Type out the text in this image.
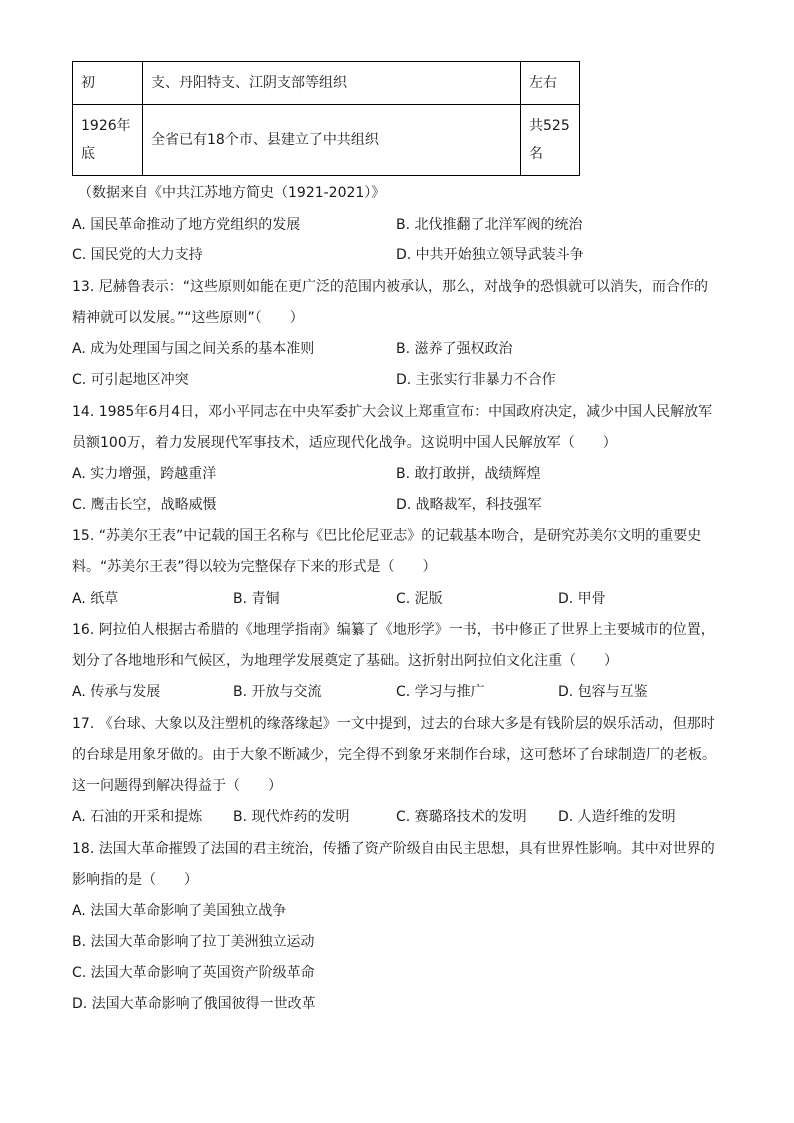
初	支、丹阳特支、江阴支部等组织	左右
1926年底	全省已有18个市、县建立了中共组织	共525名
（数据来自《中共江苏地方简史（1921-2021）》
A. 国民革命推动了地方党组织的发展	B. 北伐推翻了北洋军阀的统治
C. 国民党的大力支持	D. 中共开始独立领导武装斗争
13. 尼赫鲁表示：“这些原则如能在更广泛的范围内被承认，那么，对战争的恐惧就可以消失，而合作的
精神就可以发展。”“这些原则”（　　）
A. 成为处理国与国之间关系的基本准则	B. 滋养了强权政治
C. 可引起地区冲突	D. 主张实行非暴力不合作
14. 1985年6月4日，邓小平同志在中央军委扩大会议上郑重宣布：中国政府决定，减少中国人民解放军
员额100万，着力发展现代军事技术，适应现代化战争。这说明中国人民解放军（　　）
A. 实力增强，跨越重洋	B. 敢打敢拼，战绩辉煌
C. 鹰击长空，战略威慑	D. 战略裁军，科技强军
15. “苏美尔王表”中记载的国王名称与《巴比伦尼亚志》的记载基本吻合，是研究苏美尔文明的重要史
料。“苏美尔王表”得以较为完整保存下来的形式是（　　）
A. 纸草	B. 青铜	C. 泥版	D. 甲骨
16. 阿拉伯人根据古希腊的《地理学指南》编纂了《地形学》一书，书中修正了世界上主要城市的位置，
划分了各地地形和气候区，为地理学发展奠定了基础。这折射出阿拉伯文化注重（　　）
A. 传承与发展	B. 开放与交流	C. 学习与推广	D. 包容与互鉴
17. 《台球、大象以及注塑机的缘落缘起》一文中提到，过去的台球大多是有钱阶层的娱乐活动，但那时
的台球是用象牙做的。由于大象不断减少，完全得不到象牙来制作台球，这可愁坏了台球制造厂的老板。
这一问题得到解决得益于（　　）
A. 石油的开采和提炼 B. 现代炸药的发明	C. 赛璐珞技术的发明 D. 人造纤维的发明
18. 法国大革命摧毁了法国的君主统治，传播了资产阶级自由民主思想，具有世界性影响。其中对世界的
影响指的是（　　）
A. 法国大革命影响了美国独立战争
B. 法国大革命影响了拉丁美洲独立运动
C. 法国大革命影响了英国资产阶级革命
D. 法国大革命影响了俄国彼得一世改革
